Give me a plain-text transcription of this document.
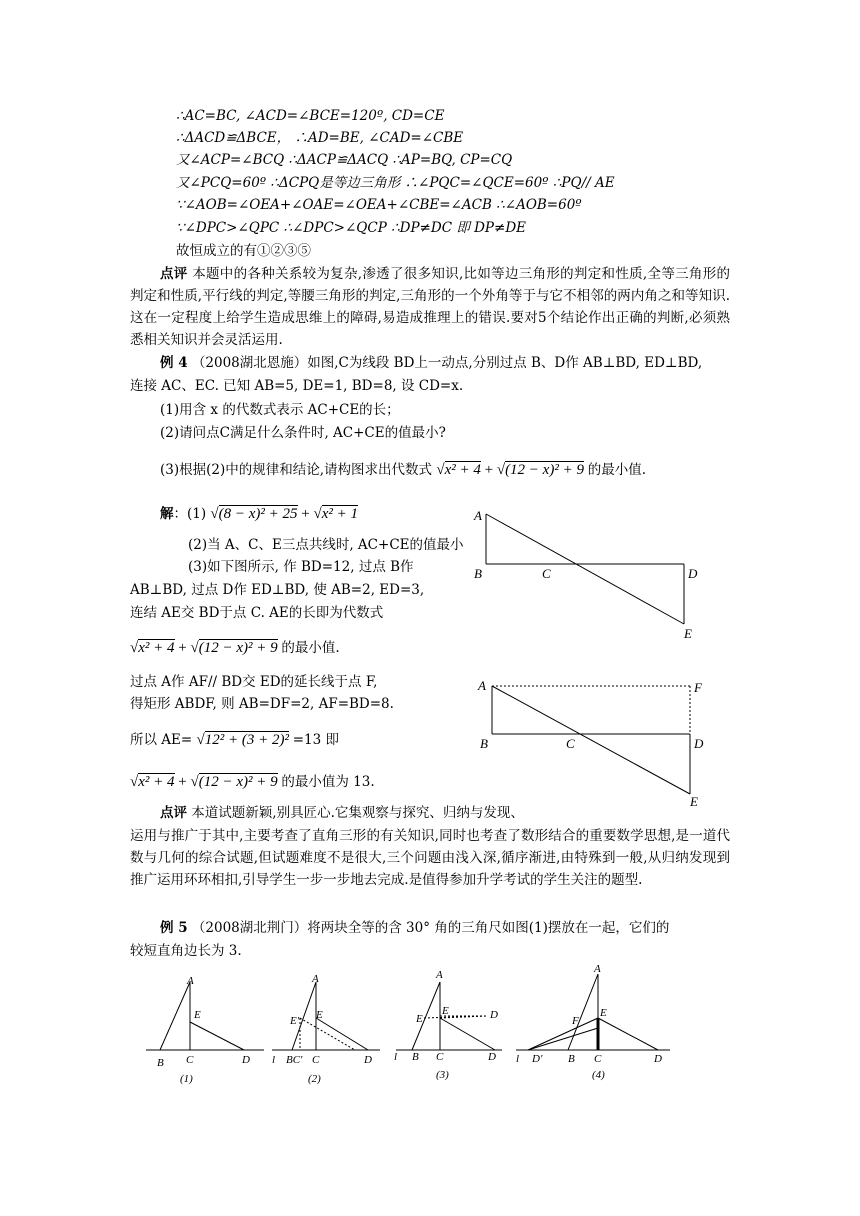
∴AC=BC, ∠ACD=∠BCE=120º, CD=CE
∴ΔACD≌ΔBCE， ∴AD=BE, ∠CAD=∠CBE
又∠ACP=∠BCQ ∴ΔACP≌ΔACQ ∴AP=BQ, CP=CQ
又∠PCQ=60º ∴ΔCPQ是等边三角形 ∴∠PQC=∠QCE=60º ∴PQ// AE
∵∠AOB=∠OEA+∠OAE=∠OEA+∠CBE=∠ACB ∴∠AOB=60º
∵∠DPC>∠QPC ∴∠DPC>∠QCP ∴DP≠DC 即 DP≠DE
故恒成立的有①②③⑤
点评 本题中的各种关系较为复杂,渗透了很多知识,比如等边三角形的判定和性质,全等三角形的判定和性质,平行线的判定,等腰三角形的判定,三角形的一个外角等于与它不相邻的两内角之和等知识.这在一定程度上给学生造成思维上的障碍,易造成推理上的错误.要对5个结论作出正确的判断,必须熟悉相关知识并会灵活运用.
例 4 （2008湖北恩施）如图,C为线段 BD上一动点,分别过点 B、D作 AB⊥BD, ED⊥BD,
连接 AC、EC. 已知 AB=5, DE=1, BD=8, 设 CD=x.
(1)用含 x 的代数式表示 AC+CE的长；
(2)请问点C满足什么条件时, AC+CE的值最小?
(3)根据(2)中的规律和结论,请构图求出代数式 √x² + 4 + √(12 − x)² + 9 的最小值.
解：(1) √(8 − x)² + 25 + √x² + 1
(2)当 A、C、E三点共线时, AC+CE的值最小
(3)如下图所示, 作 BD=12, 过点 B作
AB⊥BD, 过点 D作 ED⊥BD, 使 AB=2, ED=3,
连结 AE交 BD于点 C. AE的长即为代数式
√x² + 4 + √(12 − x)² + 9 的最小值.
过点 A作 AF// BD交 ED的延长线于点 F,
得矩形 ABDF, 则 AB=DF=2, AF=BD=8.
所以 AE= √12² + (3 + 2)² =13 即
√x² + 4 + √(12 − x)² + 9 的最小值为 13.
A
B	C	D
E
A	F
B	C	D
E
点评 本道试题新颖,别具匠心.它集观察与探究、归纳与发现、
运用与推广于其中,主要考查了直角三形的有关知识,同时也考查了数形结合的重要数学思想,是一道代数与几何的综合试题,但试题难度不是很大,三个问题由浅入深,循序渐进,由特殊到一般,从归纳发现到推广运用环环相扣,引导学生一步一步地去完成.是值得参加升学考试的学生关注的题型.
例 5 （2008湖北荆门）将两块全等的含 30° 角的三角尺如图(1)摆放在一起，它们的
较短直角边长为 3.
A
E
B C	D
(1)
A
E' E
l BC' C	D
(2)
A
E
E	D
l B C	D
(3)
A
F
E
l D' B C	D
(4)
